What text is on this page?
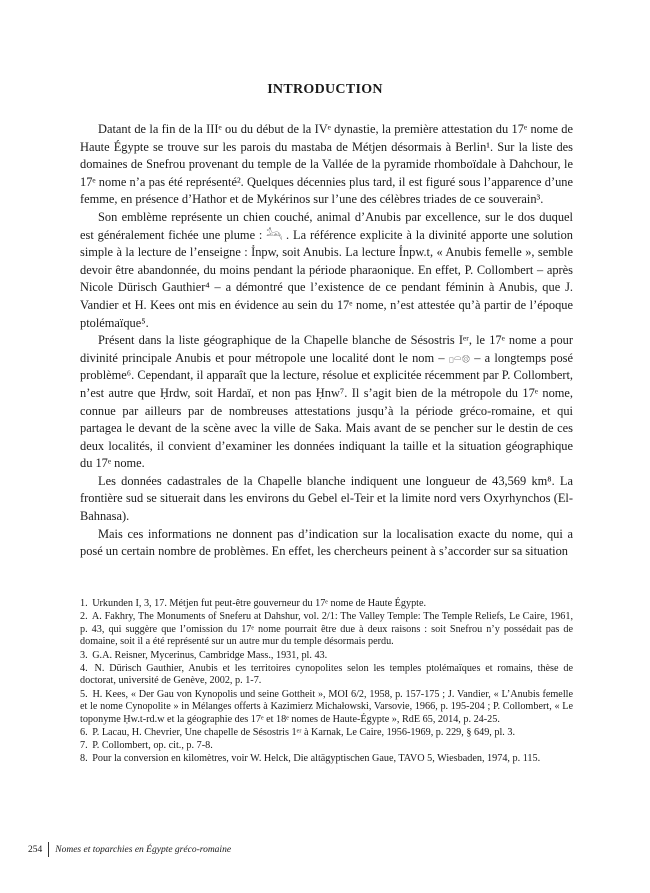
INTRODUCTION

Datant de la fin de la IIIᵉ ou du début de la IVᵉ dynastie, la première attestation du 17ᵉ nome de Haute Égypte se trouve sur les parois du mastaba de Métjen désormais à Berlin¹. Sur la liste des domaines de Snefrou provenant du temple de la Vallée de la pyramide rhomboïdale à Dahchour, le 17ᵉ nome n’a pas été représenté². Quelques décennies plus tard, il est figuré sous l’apparence d’une femme, en présence d’Hathor et de Mykérinos sur l’une des célèbres triades de ce souverain³.

Son emblème représente un chien couché, animal d’Anubis par excellence, sur le dos duquel est généralement fichée une plume : 𓃢 . La référence explicite à la divinité apporte une solution simple à la lecture de l’enseigne : Ỉnpw, soit Anubis. La lecture Ỉnpw.t, « Anubis femelle », semble devoir être abandonnée, du moins pendant la période pharaonique. En effet, P. Collombert – après Nicole Dürisch Gauthier⁴ – a démontré que l’existence de ce pendant féminin à Anubis, que J. Vandier et H. Kees ont mis en évidence au sein du 17ᵉ nome, n’est attestée qu’à partir de l’époque ptolémaïque⁵.

Présent dans la liste géographique de la Chapelle blanche de Sésostris Iᵉʳ, le 17ᵉ nome a pour divinité principale Anubis et pour métropole une localité dont le nom – 𓊪𓏏𓊖 – a longtemps posé problème⁶. Cependant, il apparaît que la lecture, résolue et explicitée récemment par P. Collombert, n’est autre que Ḥrdw, soit Hardaï, et non pas Ḥnw⁷. Il s’agit bien de la métropole du 17ᵉ nome, connue par ailleurs par de nombreuses attestations jusqu’à la période gréco-romaine, et qui partagea le devant de la scène avec la ville de Saka. Mais avant de se pencher sur le destin de ces deux localités, il convient d’examiner les données indiquant la taille et la situation géographique du 17ᵉ nome.

Les données cadastrales de la Chapelle blanche indiquent une longueur de 43,569 km⁸. La frontière sud se situerait dans les environs du Gebel el-Teir et la limite nord vers Oxyrhynchos (El-Bahnasa).

Mais ces informations ne donnent pas d’indication sur la localisation exacte du nome, qui a posé un certain nombre de problèmes. En effet, les chercheurs peinent à s’accorder sur sa situation

1. Urkunden I, 3, 17. Métjen fut peut-être gouverneur du 17ᵉ nome de Haute Égypte.
2. A. Fakhry, The Monuments of Sneferu at Dahshur, vol. 2/1: The Valley Temple: The Temple Reliefs, Le Caire, 1961, p. 43, qui suggère que l’omission du 17ᵉ nome pourrait être due à deux raisons : soit Snefrou n’y possédait pas de domaine, soit il a été représenté sur un autre mur du temple désormais perdu.
3. G.A. Reisner, Mycerinus, Cambridge Mass., 1931, pl. 43.
4. N. Dürisch Gauthier, Anubis et les territoires cynopolites selon les temples ptolémaïques et romains, thèse de doctorat, université de Genève, 2002, p. 1-7.
5. H. Kees, « Der Gau von Kynopolis und seine Gottheit », MOI 6/2, 1958, p. 157-175 ; J. Vandier, « L’Anubis femelle et le nome Cynopolite » in Mélanges offerts à Kazimierz Michałowski, Varsovie, 1966, p. 195-204 ; P. Collombert, « Le toponyme Ḥw.t-rd.w et la géographie des 17ᵉ et 18ᵉ nomes de Haute-Égypte », RdE 65, 2014, p. 24-25.
6. P. Lacau, H. Chevrier, Une chapelle de Sésostris 1ᵉʳ à Karnak, Le Caire, 1956-1969, p. 229, § 649, pl. 3.
7. P. Collombert, op. cit., p. 7-8.
8. Pour la conversion en kilomètres, voir W. Helck, Die altägyptischen Gaue, TAVO 5, Wiesbaden, 1974, p. 115.
254	Nomes et toparchies en Égypte gréco-romaine
